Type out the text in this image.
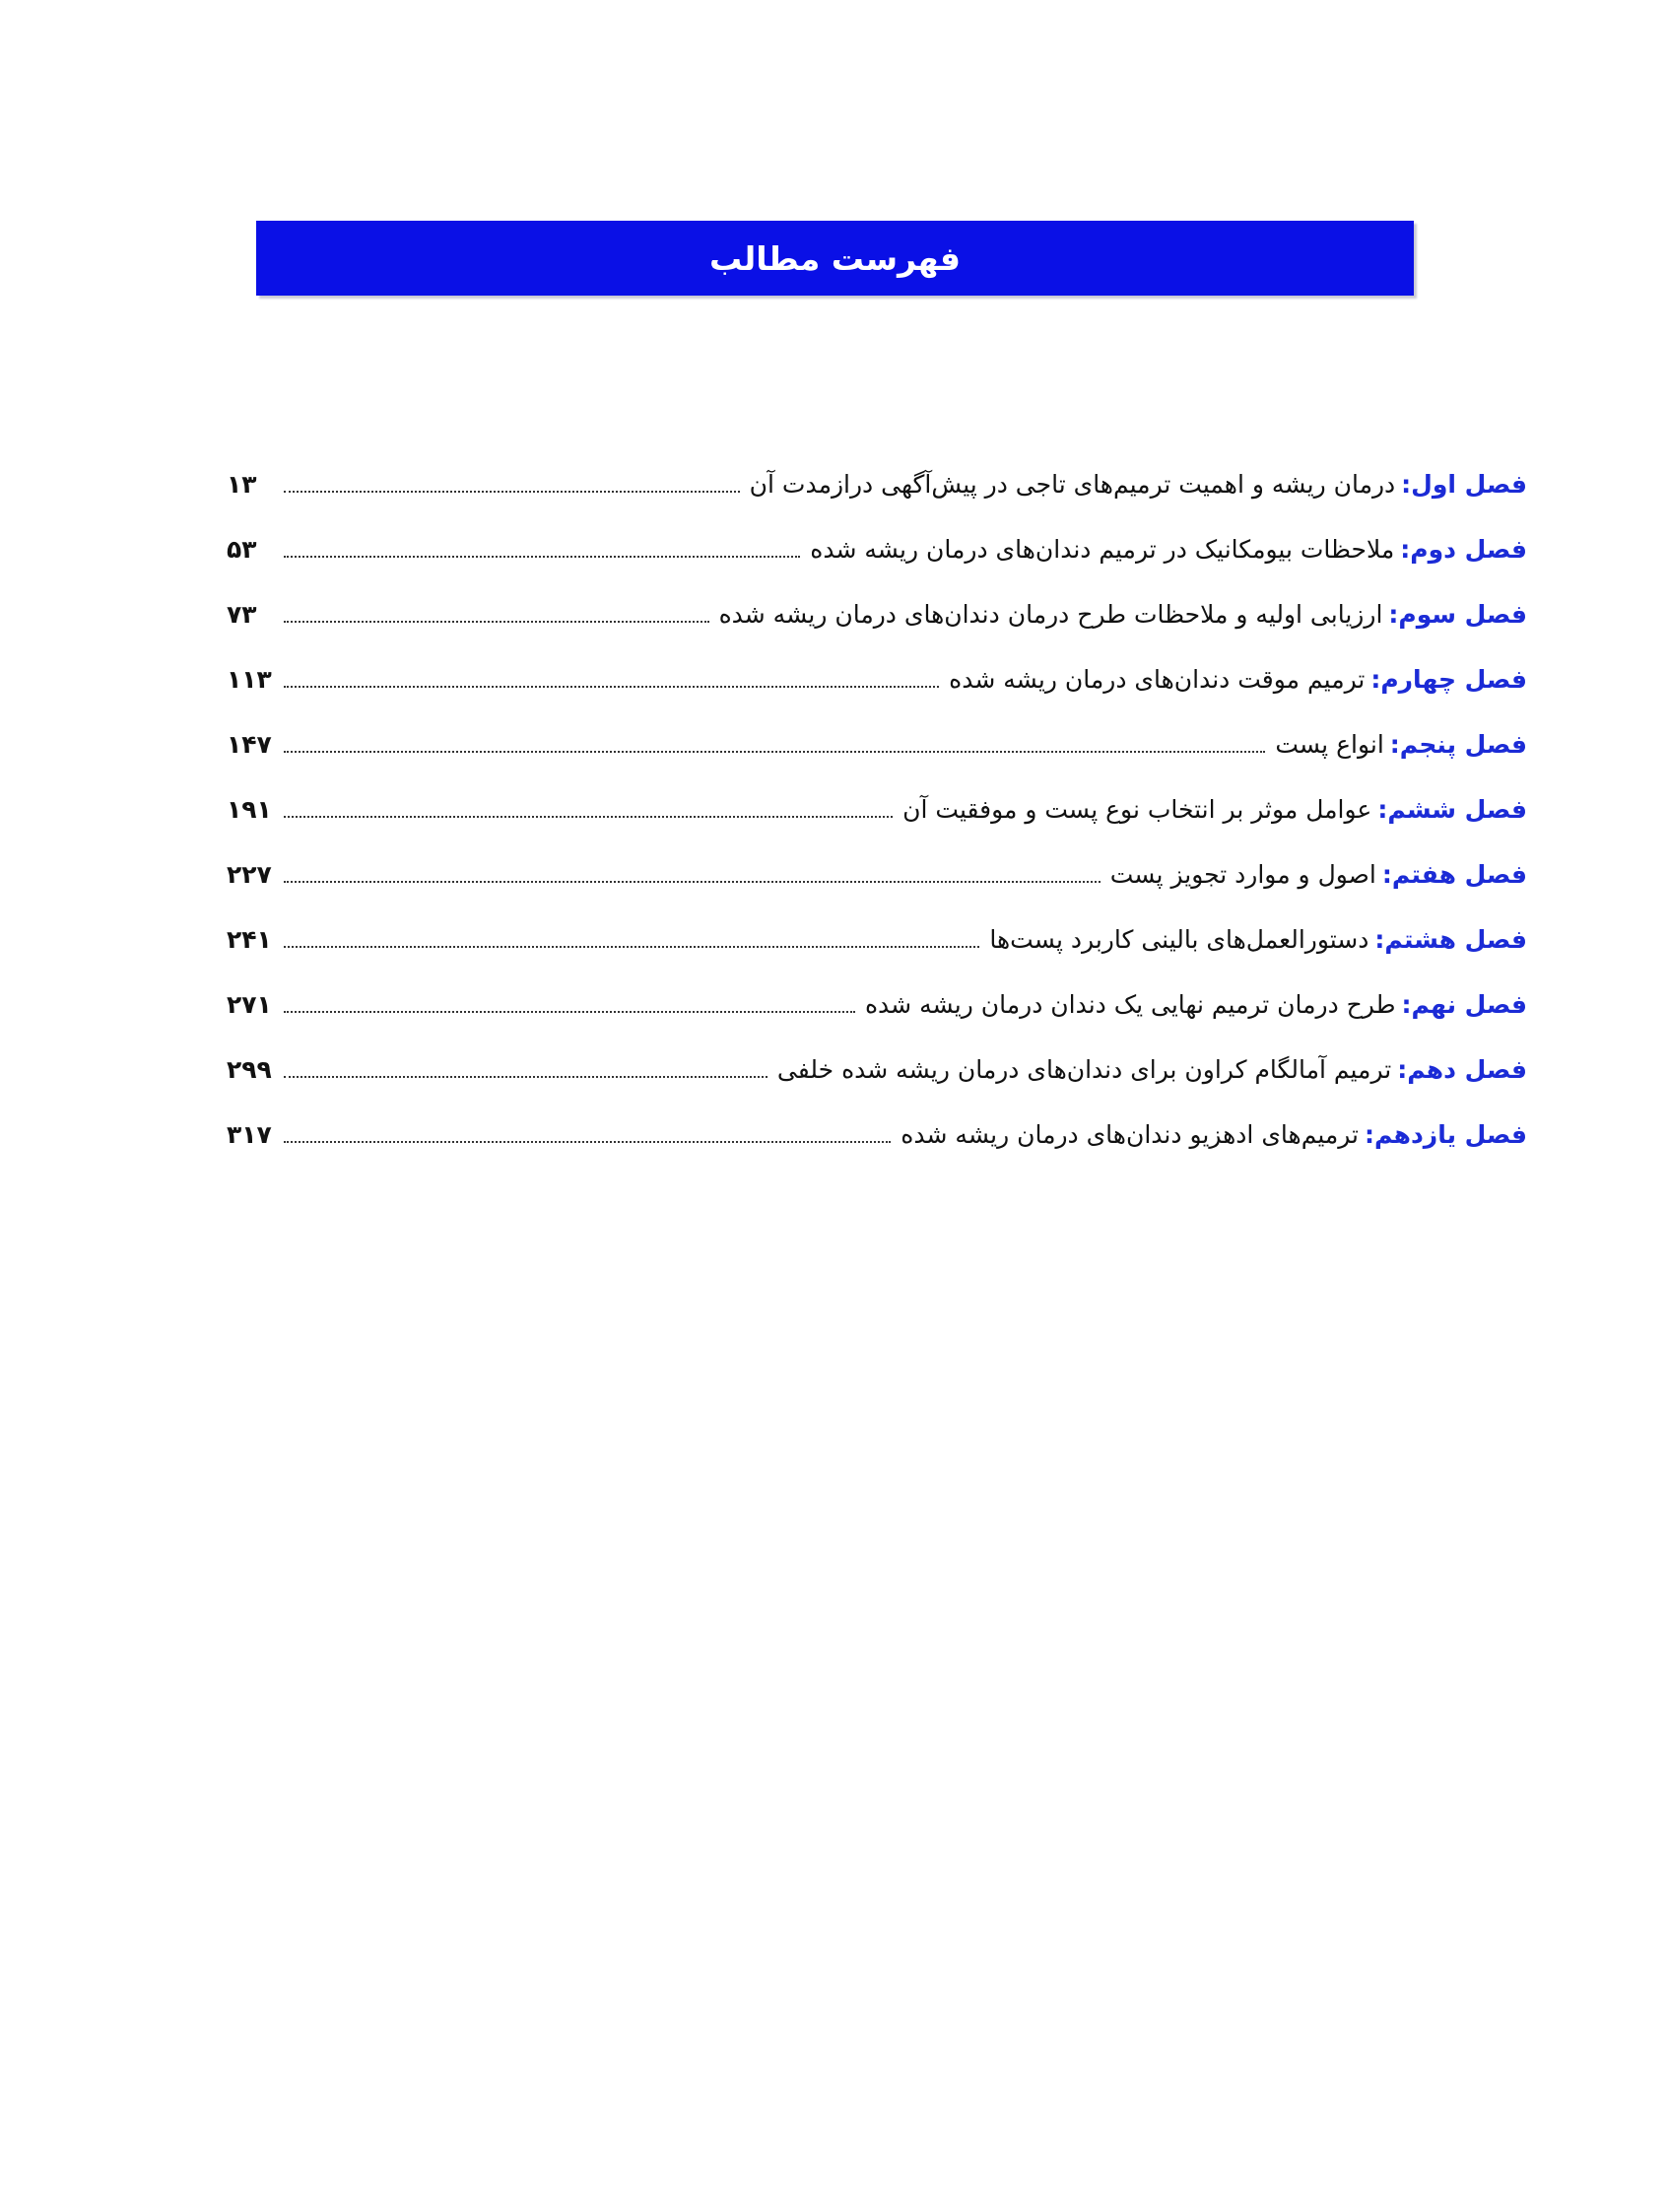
فهرست مطالب
فصل اول:
درمان ریشه و اهمیت ترمیم‌های تاجی در پیش‌آگهی درازمدت آن
۱۳
فصل دوم:
ملاحظات بیومکانیک در ترمیم دندان‌های درمان ریشه شده
۵۳
فصل سوم:
ارزیابی اولیه و ملاحظات طرح درمان دندان‌های درمان ریشه شده
۷۳
فصل چهارم:
ترمیم موقت دندان‌های درمان ریشه شده
۱۱۳
فصل پنجم:
انواع پست
۱۴۷
فصل ششم:
عوامل موثر بر انتخاب نوع پست و موفقیت آن
۱۹۱
فصل هفتم:
اصول و موارد تجویز پست
۲۲۷
فصل هشتم:
دستورالعمل‌های بالینی کاربرد پست‌ها
۲۴۱
فصل نهم:
طرح درمان ترمیم نهایی یک دندان درمان ریشه شده
۲۷۱
فصل دهم:
ترمیم آمالگام کراون برای دندان‌های درمان ریشه شده خلفی
۲۹۹
فصل یازدهم:
ترمیم‌های ادهزیو دندان‌های درمان ریشه شده
۳۱۷
